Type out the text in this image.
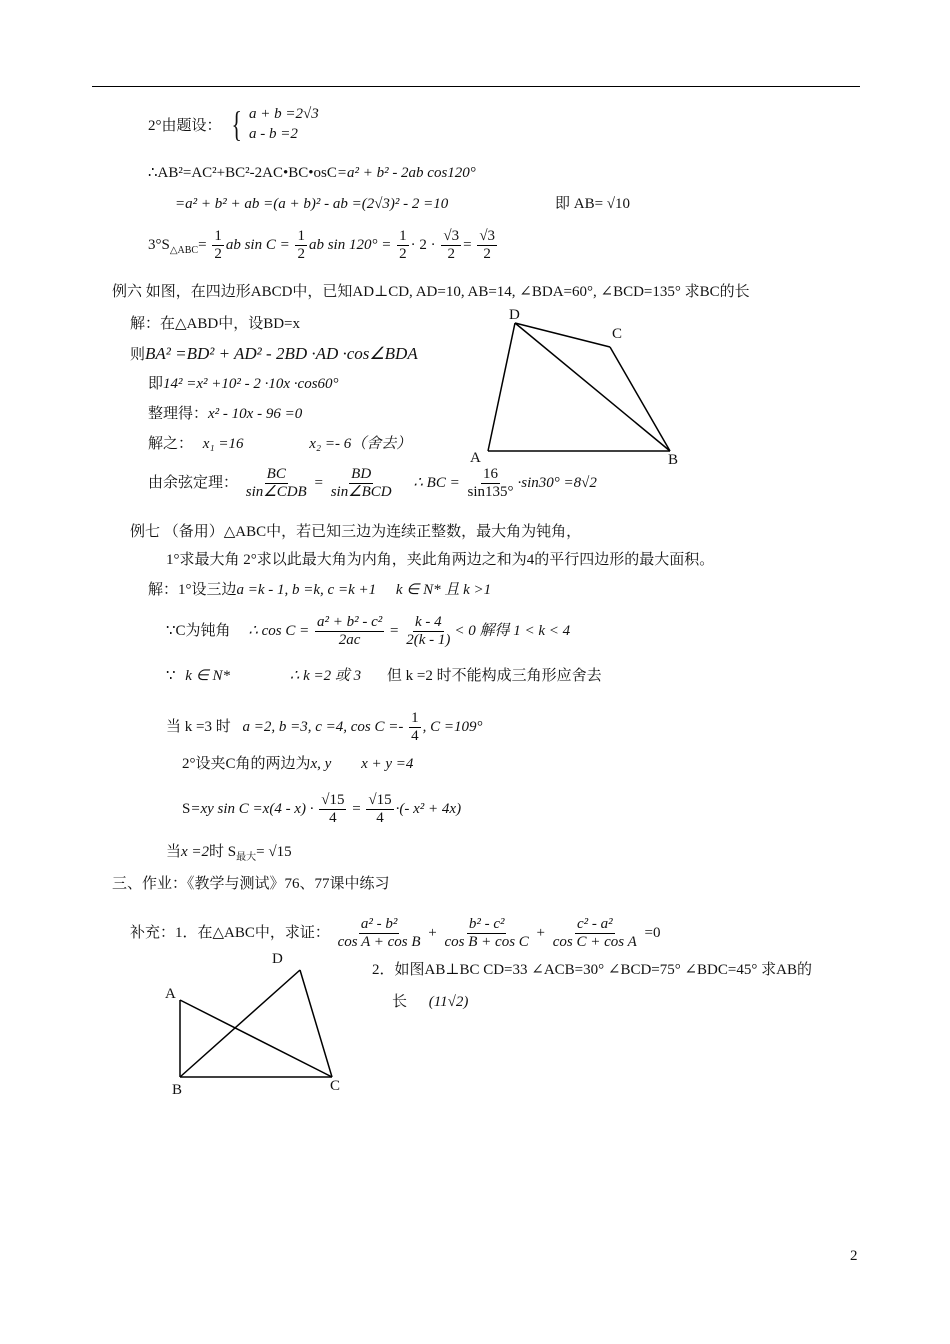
2°由题设： { a + b =2√3
a - b =2
∴AB²=AC²+BC²-2AC•BC•osC=a² + b² - 2ab cos120°
=a² + b² + ab =(a + b)² - ab =(2√3)² - 2 =10	即 AB= √10
$3^\circ S_{\triangle ABC}= \frac{1}{2}$ ab $\sin C = \frac{1}{2}$ ab $\sin 120^\circ = \frac{1}{2} \cdot 2 \cdot \frac{√3}{2} = \frac{√3}{2}$
例六 如图，在四边形ABCD中，已知AD⊥CD, AD=10, AB=14, ∠BDA=60°, ∠BCD=135° 求BC的长
解：在△ABD中，设BD=x
则BA² =BD² + AD² - 2BD ·AD ·cos∠BDA
即14² =x² +10² - 2 ·10x ·cos60°
整理得：x² - 10x - 96 =0
解之： x₁ =16	x₂ =- 6（舍去）
由余弦定理： $\frac{BC}{\text{sin∠CDB}} = \frac{BD}{\text{sin∠BCD}}$ ∴ BC = $\frac{16}{\sin 135^\circ} \cdot\sin 30^\circ =8√2$
D
C
A	B
例七 （备用）△ABC中，若已知三边为连续正整数，最大角为钝角，
1°求最大角 2°求以此最大角为内角，夹此角两边之和为4的平行四边形的最大面积。
解：1°设三边a =k - 1, b =k, c =k +1 k ∈ N* 且 k >1
∵C为钝角 ∴ $\cos C = \frac{\text{a² + b² - c²}}{2ac} = \frac{k - 4}{2(k - 1)} < 0$ 解得 1 < k < 4
∵ k ∈ N*	∴ k =2 或 3 但 k =2 时不能构成三角形应舍去
当 k =3 时 a =2, b =3, c =4, $\cos C =- \frac{1}{4}$ , C =109°
2°设夹C角的两边为x, y x + y =4
S=xy $\sin C =x(4 - x) \cdot \frac{√15}{4} = \frac{√15}{4}$ ·(- x² + 4x)
当x =2时 $S_{最大}= √15$
三、作业：《教学与测试》76、77课中练习
补充：1．在△ABC中，求证： $\frac{\text{a² - b²}}{\text{cos A + cos B}} + \frac{\text{b² - c²}}{\text{cos B + cos C}} + \frac{\text{c² - a²}}{\text{cos C + cos A}} =0$
2．如图AB⊥BC CD=33 ∠ACB=30° ∠BCD=75° ∠BDC=45° 求AB的
长 (11√2)
D
A
B	C
2
